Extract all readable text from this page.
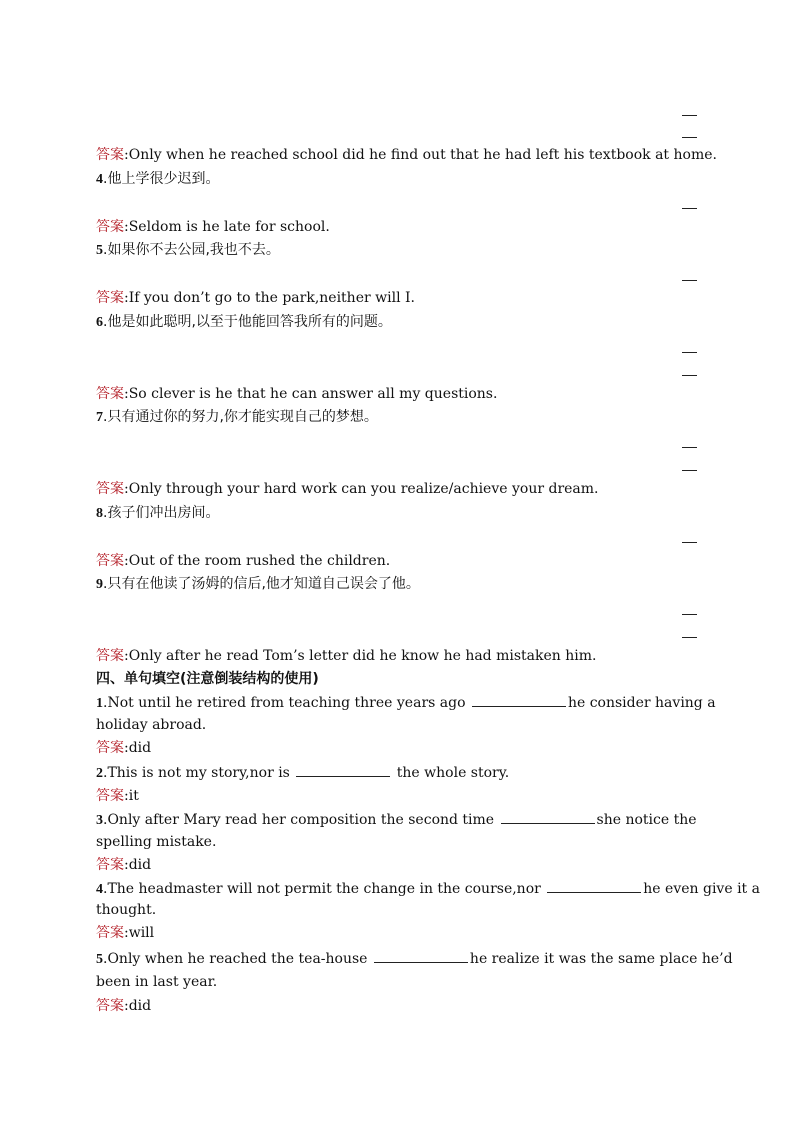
答案:Only when he reached school did he find out that he had left his textbook at home.
4.他上学很少迟到。
答案:Seldom is he late for school.
5.如果你不去公园,我也不去。
答案:If you don’t go to the park,neither will I.
6.他是如此聪明,以至于他能回答我所有的问题。
答案:So clever is he that he can answer all my questions.
7.只有通过你的努力,你才能实现自己的梦想。
答案:Only through your hard work can you realize/achieve your dream.
8.孩子们冲出房间。
答案:Out of the room rushed the children.
9.只有在他读了汤姆的信后,他才知道自己误会了他。
答案:Only after he read Tom’s letter did he know he had mistaken him.
四、单句填空(注意倒装结构的使用)
1.Not until he retired from teaching three years ago	he consider having a
holiday abroad.
答案:did
2.This is not my story,nor is	the whole story.
答案:it
3.Only after Mary read her composition the second time	she notice the
spelling mistake.
答案:did
4.The headmaster will not permit the change in the course,nor	he even give it a
thought.
答案:will
5.Only when he reached the tea-house	he realize it was the same place he’d
been in last year.
答案:did
